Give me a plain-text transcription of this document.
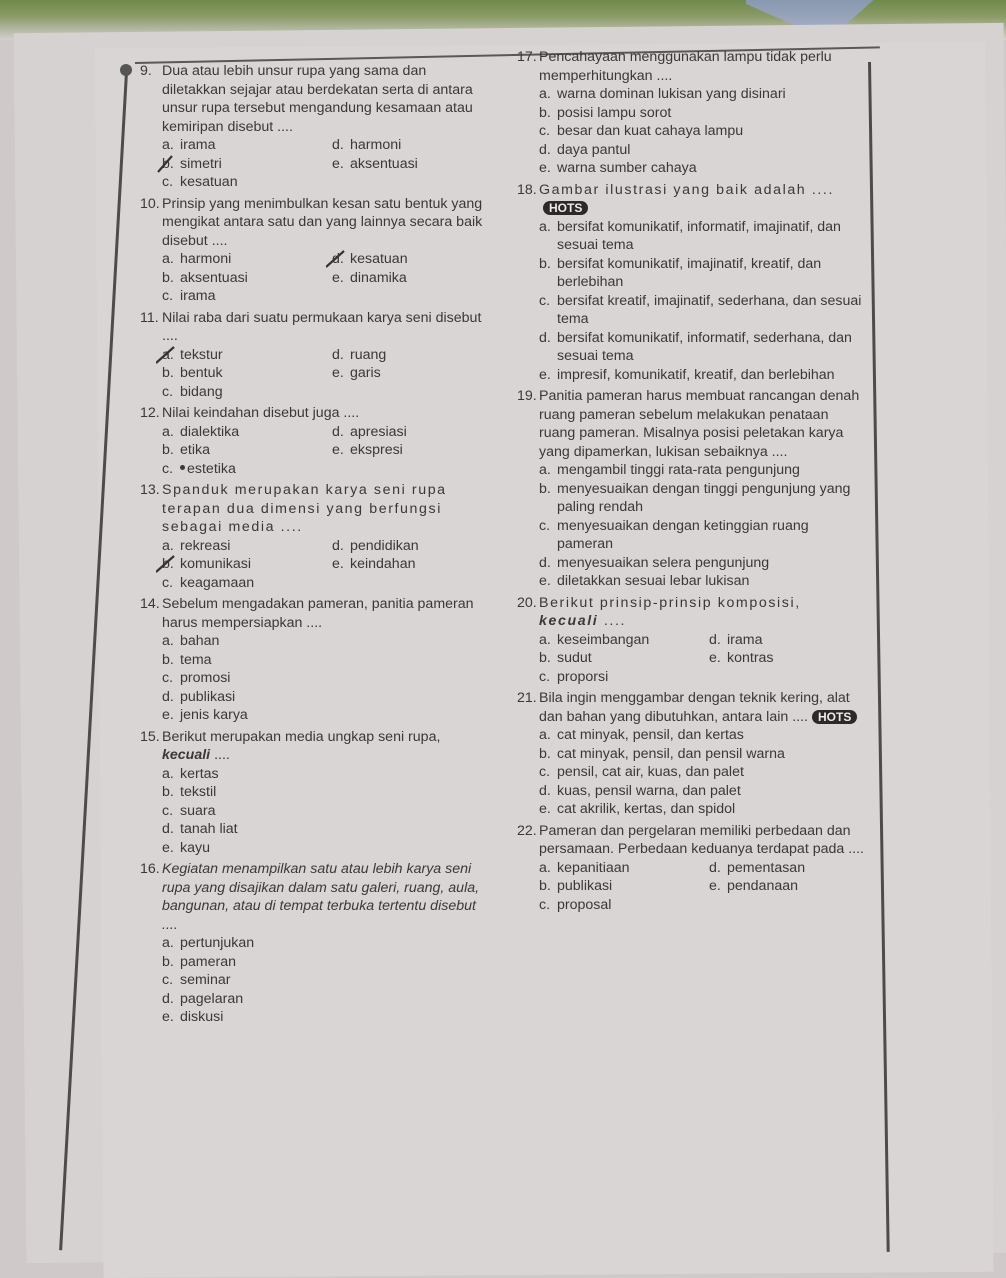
9. Dua atau lebih unsur rupa yang sama dan diletakkan sejajar atau berdekatan serta di antara unsur rupa tersebut mengandung kesamaan atau kemiripan disebut ....
a. irama
b. simetri
c. kesatuan
d. harmoni
e. aksentuasi
10. Prinsip yang menimbulkan kesan satu bentuk yang mengikat antara satu dan yang lainnya secara baik disebut ....
a. harmoni
b. aksentuasi
c. irama
d. kesatuan
e. dinamika
11. Nilai raba dari suatu permukaan karya seni disebut ....
a. tekstur
b. bentuk
c. bidang
d. ruang
e. garis
12. Nilai keindahan disebut juga ....
a. dialektika
b. etika
c. estetika
d. apresiasi
e. ekspresi
13. Spanduk merupakan karya seni rupa terapan dua dimensi yang berfungsi sebagai media ....
a. rekreasi
b. komunikasi
c. keagamaan
d. pendidikan
e. keindahan
14. Sebelum mengadakan pameran, panitia pameran harus mempersiapkan ....
a. bahan
b. tema
c. promosi
d. publikasi
e. jenis karya
15. Berikut merupakan media ungkap seni rupa, kecuali ....
a. kertas
b. tekstil
c. suara
d. tanah liat
e. kayu
16. Kegiatan menampilkan satu atau lebih karya seni rupa yang disajikan dalam satu galeri, ruang, aula, bangunan, atau di tempat terbuka tertentu disebut ....
a. pertunjukan
b. pameran
c. seminar
d. pagelaran
e. diskusi
17. Pencahayaan menggunakan lampu tidak perlu memperhitungkan ....
a. warna dominan lukisan yang disinari
b. posisi lampu sorot
c. besar dan kuat cahaya lampu
d. daya pantul
e. warna sumber cahaya
18. Gambar ilustrasi yang baik adalah ....
HOTS
a. bersifat komunikatif, informatif, imajinatif, dan sesuai tema
b. bersifat komunikatif, imajinatif, kreatif, dan berlebihan
c. bersifat kreatif, imajinatif, sederhana, dan sesuai tema
d. bersifat komunikatif, informatif, sederhana, dan sesuai tema
e. impresif, komunikatif, kreatif, dan berlebihan
19. Panitia pameran harus membuat rancangan denah ruang pameran sebelum melakukan penataan ruang pameran. Misalnya posisi peletakan karya yang dipamerkan, lukisan sebaiknya ....
a. mengambil tinggi rata-rata pengunjung
b. menyesuaikan dengan tinggi pengunjung yang paling rendah
c. menyesuaikan dengan ketinggian ruang pameran
d. menyesuaikan selera pengunjung
e. diletakkan sesuai lebar lukisan
20. Berikut prinsip-prinsip komposisi,
kecuali ....
a. keseimbangan
b. sudut
c. proporsi
d. irama
e. kontras
21. Bila ingin menggambar dengan teknik kering, alat dan bahan yang dibutuhkan, antara lain .... HOTS
a. cat minyak, pensil, dan kertas
b. cat minyak, pensil, dan pensil warna
c. pensil, cat air, kuas, dan palet
d. kuas, pensil warna, dan palet
e. cat akrilik, kertas, dan spidol
22. Pameran dan pergelaran memiliki perbedaan dan persamaan. Perbedaan keduanya terdapat pada ....
a. kepanitiaan
b. publikasi
c. proposal
d. pementasan
e. pendanaan
